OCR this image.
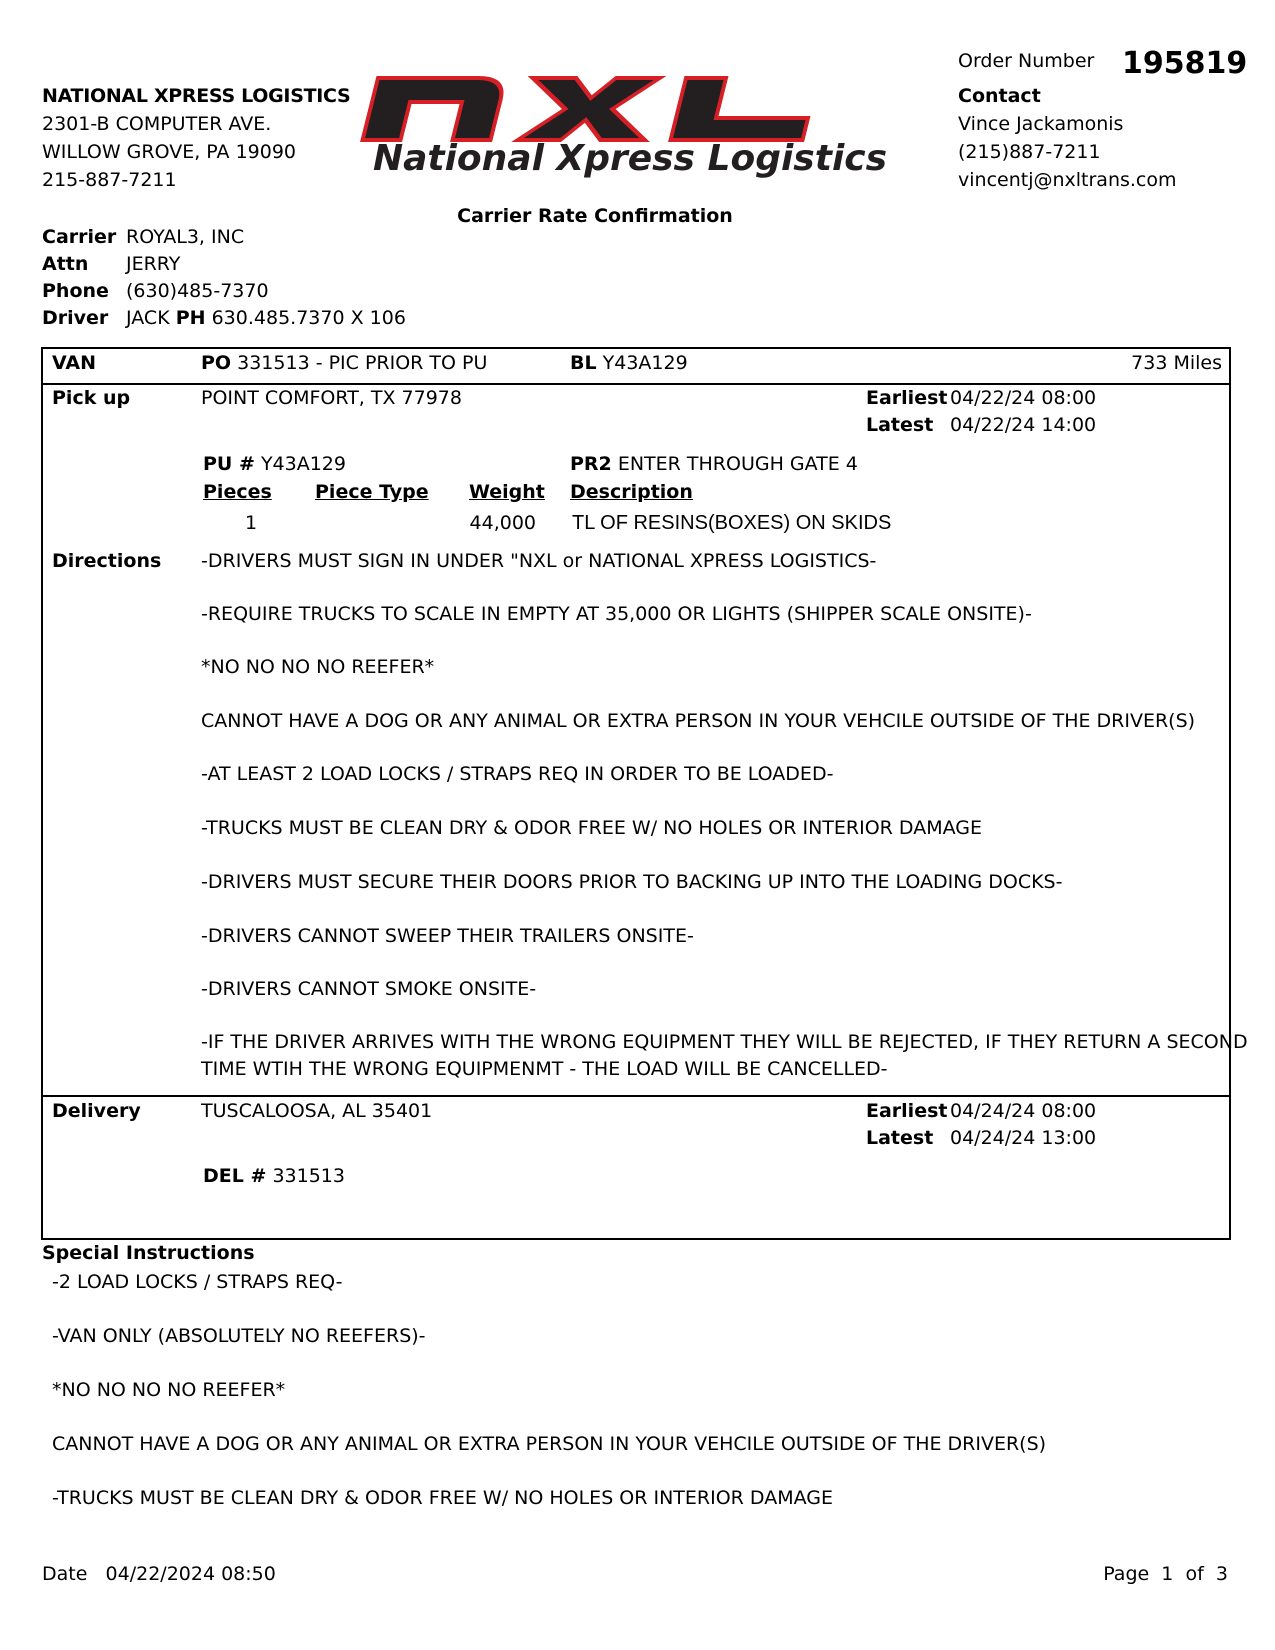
NATIONAL XPRESS LOGISTICS
2301-B COMPUTER AVE.
WILLOW GROVE, PA 19090
215-887-7211
National Xpress Logistics
Order Number 195819
Contact
Vince Jackamonis
(215)887-7211
vincentj@nxltrans.com
Carrier Rate Confirmation
Carrier ROYAL3, INC
Attn	JERRY
Phone (630)485-7370
Driver JACK
PH
630.485.7370 X 106
VAN	PO 331513 - PIC PRIOR TO PU	BL Y43A129	733 Miles
Pick up	POINT COMFORT, TX 77978	Earliest 04/22/24 08:00
Latest 04/22/24 14:00
PU # Y43A129	PR2 ENTER THROUGH GATE 4
Pieces Piece Type Weight Description
1	44,000 TL OF RESINS(BOXES) ON SKIDS
Directions -DRIVERS MUST SIGN IN UNDER "NXL or NATIONAL XPRESS LOGISTICS-
-REQUIRE TRUCKS TO SCALE IN EMPTY AT 35,000 OR LIGHTS (SHIPPER SCALE ONSITE)-
*NO NO NO NO REEFER*
CANNOT HAVE A DOG OR ANY ANIMAL OR EXTRA PERSON IN YOUR VEHCILE OUTSIDE OF THE DRIVER(S)
-AT LEAST 2 LOAD LOCKS / STRAPS REQ IN ORDER TO BE LOADED-
-TRUCKS MUST BE CLEAN DRY & ODOR FREE W/ NO HOLES OR INTERIOR DAMAGE
-DRIVERS MUST SECURE THEIR DOORS PRIOR TO BACKING UP INTO THE LOADING DOCKS-
-DRIVERS CANNOT SWEEP THEIR TRAILERS ONSITE-
-DRIVERS CANNOT SMOKE ONSITE-
-IF THE DRIVER ARRIVES WITH THE WRONG EQUIPMENT THEY WILL BE REJECTED, IF THEY RETURN A SECOND
TIME WTIH THE WRONG EQUIPMENMT - THE LOAD WILL BE CANCELLED-
Delivery	TUSCALOOSA, AL 35401	Earliest 04/24/24 08:00
Latest 04/24/24 13:00
DEL # 331513
Special Instructions
-2 LOAD LOCKS / STRAPS REQ-
-VAN ONLY (ABSOLUTELY NO REEFERS)-
*NO NO NO NO REEFER*
CANNOT HAVE A DOG OR ANY ANIMAL OR EXTRA PERSON IN YOUR VEHCILE OUTSIDE OF THE DRIVER(S)
-TRUCKS MUST BE CLEAN DRY & ODOR FREE W/ NO HOLES OR INTERIOR DAMAGE
Date 04/22/2024 08:50	Page 1 of 3
